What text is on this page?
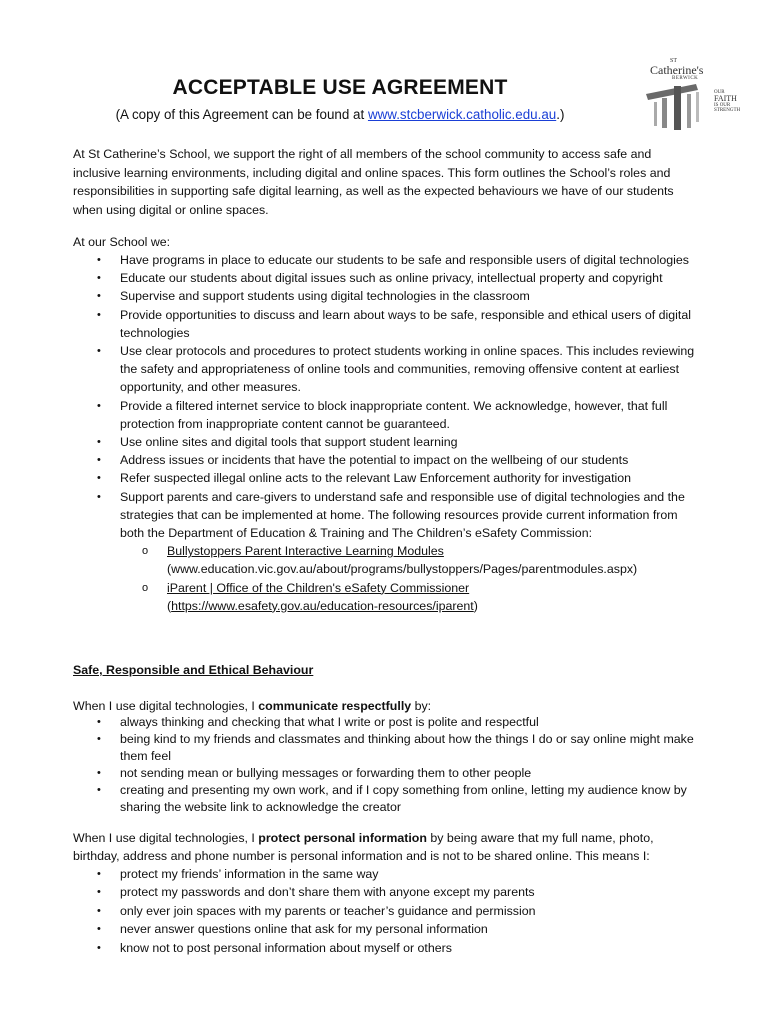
ST
Catherine's
BERWICK
OUR
FAITH
IS OUR
STRENGTH
ACCEPTABLE USE AGREEMENT
(A copy of this Agreement can be found at www.stcberwick.catholic.edu.au.)

At St Catherine’s School, we support the right of all members of the school community to access safe and inclusive learning environments, including digital and online spaces. This form outlines the School’s roles and responsibilities in supporting safe digital learning, as well as the expected behaviours we have of our students when using digital or online spaces.

At our School we:

• Have programs in place to educate our students to be safe and responsible users of digital technologies
• Educate our students about digital issues such as online privacy, intellectual property and copyright
• Supervise and support students using digital technologies in the classroom
• Provide opportunities to discuss and learn about ways to be safe, responsible and ethical users of digital technologies
• Use clear protocols and procedures to protect students working in online spaces. This includes reviewing the safety and appropriateness of online tools and communities, removing offensive content at earliest opportunity, and other measures.
• Provide a filtered internet service to block inappropriate content. We acknowledge, however, that full protection from inappropriate content cannot be guaranteed.
• Use online sites and digital tools that support student learning
• Address issues or incidents that have the potential to impact on the wellbeing of our students
• Refer suspected illegal online acts to the relevant Law Enforcement authority for investigation
• Support parents and care-givers to understand safe and responsible use of digital technologies and the strategies that can be implemented at home. The following resources provide current information from both the Department of Education & Training and The Children’s eSafety Commission:
o Bullystoppers Parent Interactive Learning Modules
(www.education.vic.gov.au/about/programs/bullystoppers/Pages/parentmodules.aspx)
o iParent | Office of the Children's eSafety Commissioner
(https://www.esafety.gov.au/education-resources/iparent)

Safe, Responsible and Ethical Behaviour

When I use digital technologies, I communicate respectfully by:

• always thinking and checking that what I write or post is polite and respectful
• being kind to my friends and classmates and thinking about how the things I do or say online might make them feel
• not sending mean or bullying messages or forwarding them to other people
• creating and presenting my own work, and if I copy something from online, letting my audience know by sharing the website link to acknowledge the creator

When I use digital technologies, I protect personal information by being aware that my full name, photo, birthday, address and phone number is personal information and is not to be shared online. This means I:

• protect my friends’ information in the same way
• protect my passwords and don’t share them with anyone except my parents
• only ever join spaces with my parents or teacher’s guidance and permission
• never answer questions online that ask for my personal information
• know not to post personal information about myself or others
